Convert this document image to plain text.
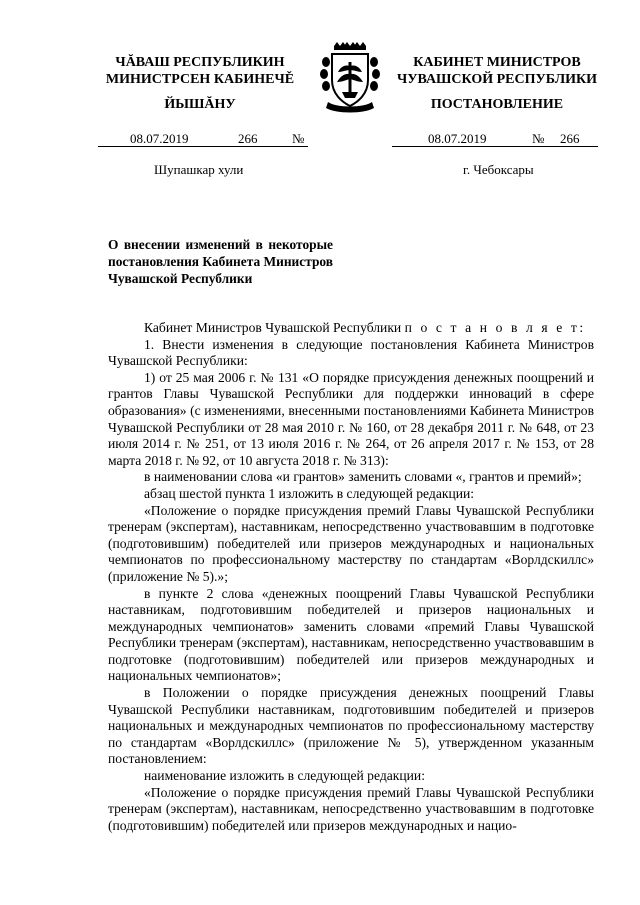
ЧĂВАШ РЕСПУБЛИКИН
МИНИСТРСЕН КАБИНЕЧĚ
ЙЫШĂНУ
КАБИНЕТ МИНИСТРОВ
ЧУВАШСКОЙ РЕСПУБЛИКИ
ПОСТАНОВЛЕНИЕ
08.07.2019	266	№	08.07.2019	№ 266
Шупашкар хули	г. Чебоксары
О внесении изменений в некоторые постановления Кабинета Министров Чувашской Республики

Кабинет Министров Чувашской Республики п о с т а н о в л я е т:

1. Внести изменения в следующие постановления Кабинета Министров Чувашской Республики:

1) от 25 мая 2006 г. № 131 «О порядке присуждения денежных поощрений и грантов Главы Чувашской Республики для поддержки инноваций в сфере образования» (с изменениями, внесенными постановлениями Кабинета Министров Чувашской Республики от 28 мая 2010 г. № 160, от 28 декабря 2011 г. № 648, от 23 июля 2014 г. № 251, от 13 июля 2016 г. № 264, от 26 апреля 2017 г. № 153, от 28 марта 2018 г. № 92, от 10 августа 2018 г. № 313):

в наименовании слова «и грантов» заменить словами «, грантов и премий»;

абзац шестой пункта 1 изложить в следующей редакции:

«Положение о порядке присуждения премий Главы Чувашской Республики тренерам (экспертам), наставникам, непосредственно участвовавшим в подготовке (подготовившим) победителей или призеров международных и национальных чемпионатов по профессиональному мастерству по стандартам «Ворлдскиллс» (приложение № 5).»;

в пункте 2 слова «денежных поощрений Главы Чувашской Республики наставникам, подготовившим победителей и призеров национальных и международных чемпионатов» заменить словами «премий Главы Чувашской Республики тренерам (экспертам), наставникам, непосредственно участвовавшим в подготовке (подготовившим) победителей или призеров международных и национальных чемпионатов»;

в Положении о порядке присуждения денежных поощрений Главы Чувашской Республики наставникам, подготовившим победителей и призеров национальных и международных чемпионатов по профессиональному мастерству по стандартам «Ворлдскиллс» (приложение № 5), утвержденном указанным постановлением:

наименование изложить в следующей редакции:

«Положение о порядке присуждения премий Главы Чувашской Республики тренерам (экспертам), наставникам, непосредственно участвовавшим в подготовке (подготовившим) победителей или призеров международных и нацио-
